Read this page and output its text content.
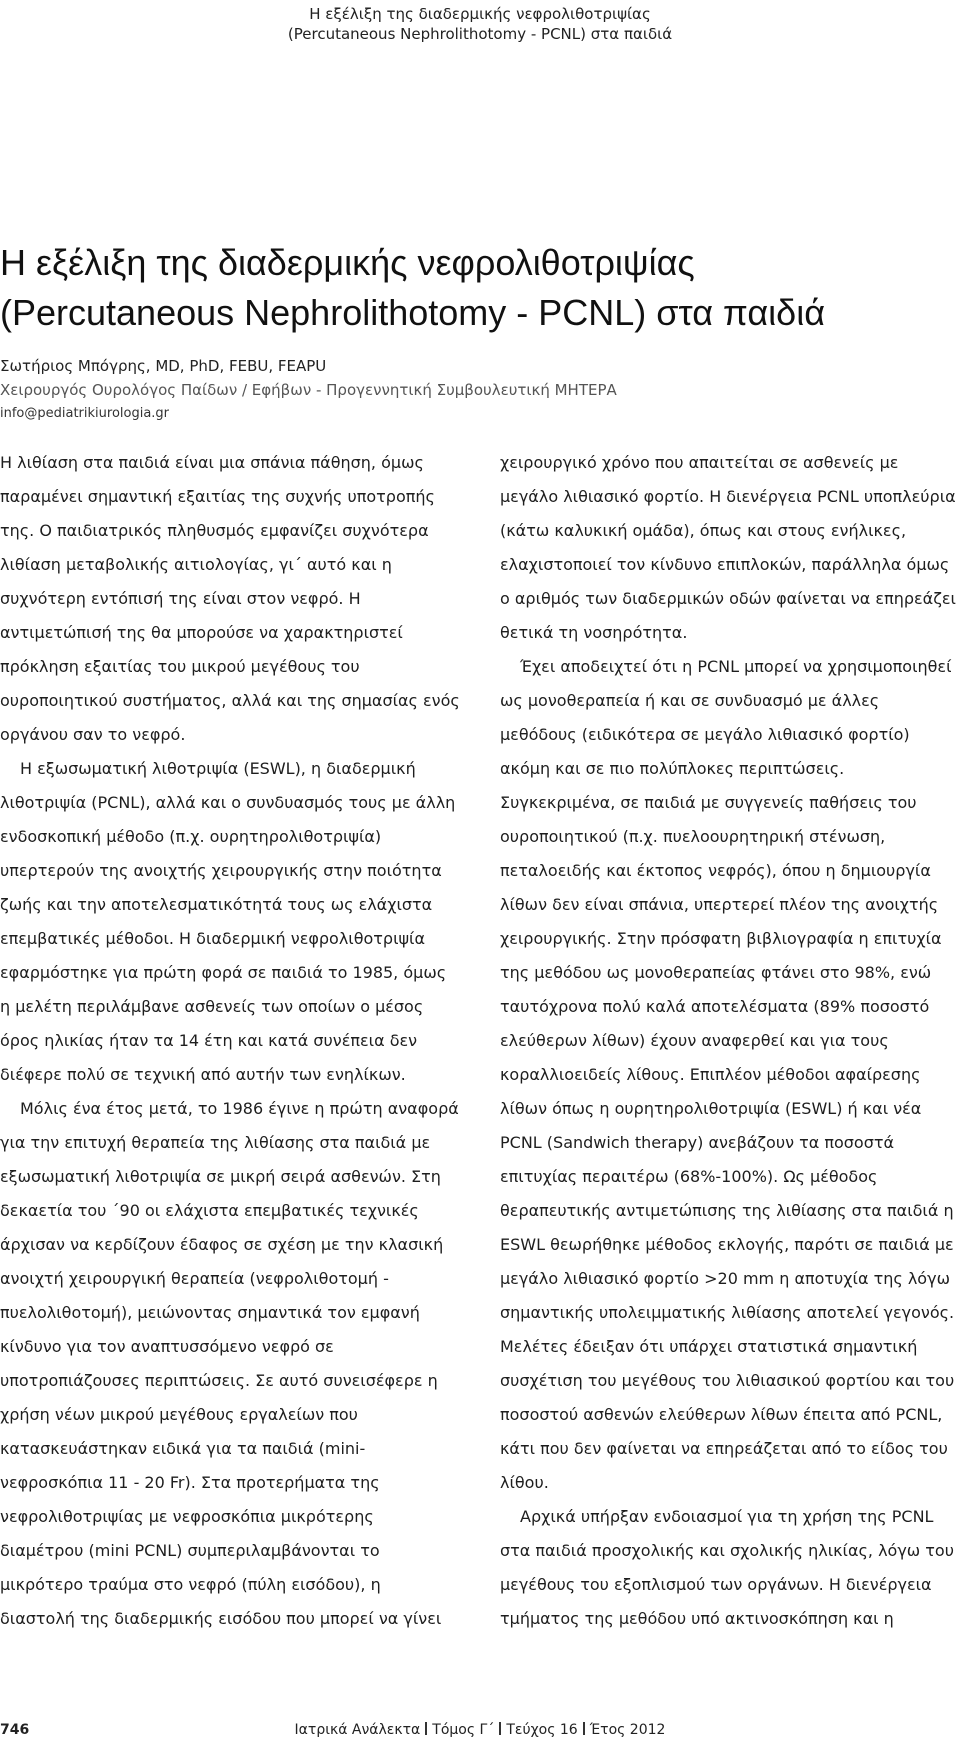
Η εξέλιξη της διαδερμικής νεφρολιθοτριψίας
(Percutaneous Nephrolithotomy - PCNL) στα παιδιά
Η εξέλιξη της διαδερμικής νεφρολιθοτριψίας
(Percutaneous Nephrolithotomy - PCNL) στα παιδιά
Σωτήριος Μπόγρης, MD, PhD, FEBU, FEAPU
Χειρουργός Ουρολόγος Παίδων / Εφήβων - Προγεννητική Συμβουλευτική ΜΗΤΕΡΑ
info@pediatrikiurologia.gr

Η λιθίαση στα παιδιά είναι μια σπάνια πάθηση, όμως παραμένει σημαντική εξαιτίας της συχνής υποτροπής της. Ο παιδιατρικός πληθυσμός εμφανίζει συχνότερα λιθίαση μεταβολικής αιτιολογίας, γι΄ αυτό και η συχνότερη εντόπισή της είναι στον νεφρό. Η αντιμετώπισή της θα μπορούσε να χαρακτηριστεί πρόκληση εξαιτίας του μικρού μεγέθους του ουροποιητικού συστήματος, αλλά και της σημασίας ενός οργάνου σαν το νεφρό.

Η εξωσωματική λιθοτριψία (ESWL), η διαδερμική λιθοτριψία (PCNL), αλλά και ο συνδυασμός τους με άλλη ενδοσκοπική μέθοδο (π.χ. ουρητηρολιθοτριψία) υπερτερούν της ανοιχτής χειρουργικής στην ποιότητα ζωής και την αποτελεσματικότητά τους ως ελάχιστα επεμβατικές μέθοδοι. Η διαδερμική νεφρολιθοτριψία εφαρμόστηκε για πρώτη φορά σε παιδιά το 1985, όμως η μελέτη περιλάμβανε ασθενείς των οποίων ο μέσος όρος ηλικίας ήταν τα 14 έτη και κατά συνέπεια δεν διέφερε πολύ σε τεχνική από αυτήν των ενηλίκων.

Μόλις ένα έτος μετά, το 1986 έγινε η πρώτη αναφορά για την επιτυχή θεραπεία της λιθίασης στα παιδιά με εξωσωματική λιθοτριψία σε μικρή σειρά ασθενών. Στη δεκαετία του ΄90 οι ελάχιστα επεμβατικές τεχνικές άρχισαν να κερδίζουν έδαφος σε σχέση με την κλασική ανοιχτή χειρουργική θεραπεία (νεφρολιθοτομή - πυελολιθοτομή), μειώνοντας σημαντικά τον εμφανή κίνδυνο για τον αναπτυσσόμενο νεφρό σε υποτροπιάζουσες περιπτώσεις. Σε αυτό συνεισέφερε η χρήση νέων μικρού μεγέθους εργαλείων που κατασκευάστηκαν ειδικά για τα παιδιά (mini-νεφροσκόπια 11 - 20 Fr). Στα προτερήματα της νεφρολιθοτριψίας με νεφροσκόπια μικρότερης διαμέτρου (mini PCNL) συμπεριλαμβάνονται το μικρότερο τραύμα στο νεφρό (πύλη εισόδου), η διαστολή της διαδερμικής εισόδου που μπορεί να γίνει

χειρουργικό χρόνο που απαιτείται σε ασθενείς με μεγάλο λιθιασικό φορτίο. Η διενέργεια PCNL υποπλεύρια (κάτω καλυκική ομάδα), όπως και στους ενήλικες, ελαχιστοποιεί τον κίνδυνο επιπλοκών, παράλληλα όμως ο αριθμός των διαδερμικών οδών φαίνεται να επηρεάζει θετικά τη νοσηρότητα.

Έχει αποδειχτεί ότι η PCNL μπορεί να χρησιμοποιηθεί ως μονοθεραπεία ή και σε συνδυασμό με άλλες μεθόδους (ειδικότερα σε μεγάλο λιθιασικό φορτίο) ακόμη και σε πιο πολύπλοκες περιπτώσεις. Συγκεκριμένα, σε παιδιά με συγγενείς παθήσεις του ουροποιητικού (π.χ. πυελοουρητηρική στένωση, πεταλοειδής και έκτοπος νεφρός), όπου η δημιουργία λίθων δεν είναι σπάνια, υπερτερεί πλέον της ανοιχτής χειρουργικής. Στην πρόσφατη βιβλιογραφία η επιτυχία της μεθόδου ως μονοθεραπείας φτάνει στο 98%, ενώ ταυτόχρονα πολύ καλά αποτελέσματα (89% ποσοστό ελεύθερων λίθων) έχουν αναφερθεί και για τους κοραλλιοειδείς λίθους. Επιπλέον μέθοδοι αφαίρεσης λίθων όπως η ουρητηρολιθοτριψία (ESWL) ή και νέα PCNL (Sandwich therapy) ανεβάζουν τα ποσοστά επιτυχίας περαιτέρω (68%-100%). Ως μέθοδος θεραπευτικής αντιμετώπισης της λιθίασης στα παιδιά η ESWL θεωρήθηκε μέθοδος εκλογής, παρότι σε παιδιά με μεγάλο λιθιασικό φορτίο >20 mm η αποτυχία της λόγω σημαντικής υπολειμματικής λιθίασης αποτελεί γεγονός. Μελέτες έδειξαν ότι υπάρχει στατιστικά σημαντική συσχέτιση του μεγέθους του λιθιασικού φορτίου και του ποσοστού ασθενών ελεύθερων λίθων έπειτα από PCNL, κάτι που δεν φαίνεται να επηρεάζεται από το είδος του λίθου.

Αρχικά υπήρξαν ενδοιασμοί για τη χρήση της PCNL στα παιδιά προσχολικής και σχολικής ηλικίας, λόγω του μεγέθους του εξοπλισμού των οργάνων. Η διενέργεια τμήματος της μεθόδου υπό ακτινοσκόπηση και η

746	Ιατρικά Ανάλεκτα Τόμος Γ΄ Τεύχος 16 Έτος 2012
